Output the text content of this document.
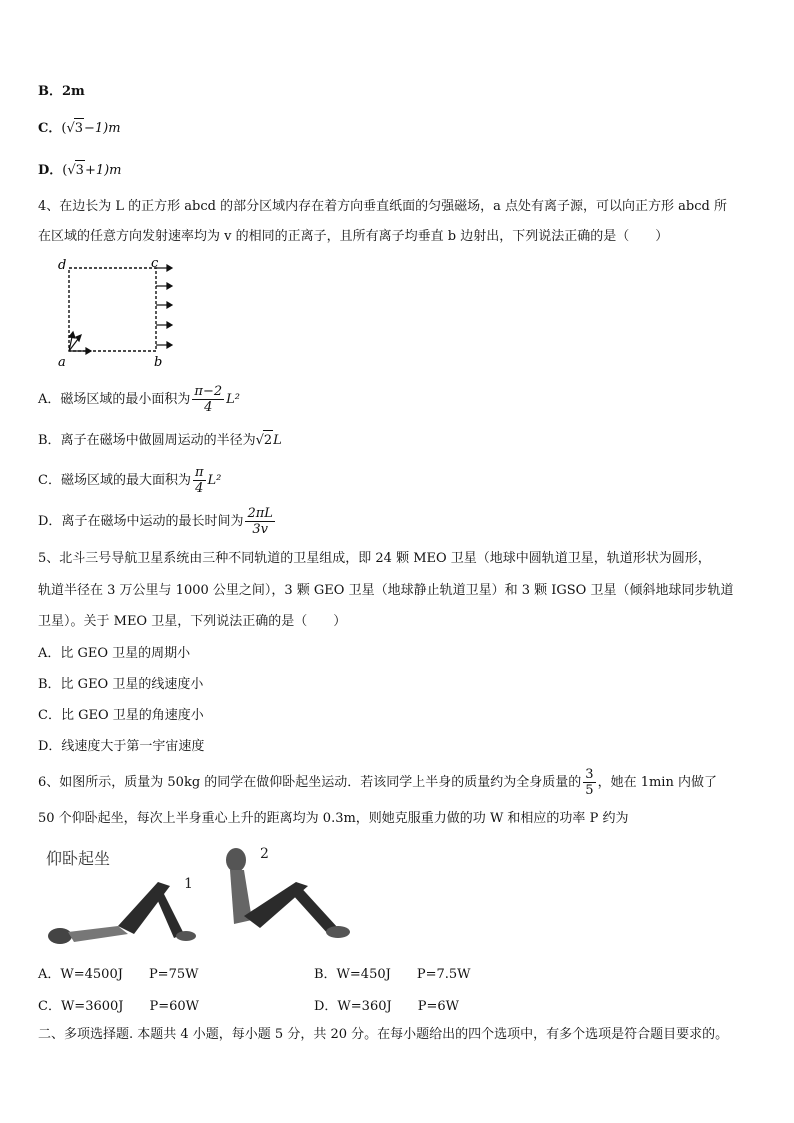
B．2m
C．(√3−1)m
D．(√3+1)m
4、在边长为 L 的正方形 abcd 的部分区域内存在着方向垂直纸面的匀强磁场，a 点处有离子源，可以向正方形 abcd 所
在区域的任意方向发射速率均为 v 的相同的正离子，且所有离子均垂直 b 边射出，下列说法正确的是（　　）
d	c
a	b
A．磁场区域的最小面积为 $\frac{\pi-2}{4} L^2$
B．离子在磁场中做圆周运动的半径为√2L
C．磁场区域的最大面积为 $\frac{\pi}{4} L^2$
D．离子在磁场中运动的最长时间为 $\frac{2\pi L}{3v}$
5、北斗三号导航卫星系统由三种不同轨道的卫星组成，即 24 颗 MEO 卫星（地球中圆轨道卫星，轨道形状为圆形，
轨道半径在 3 万公里与 1000 公里之间），3 颗 GEO 卫星（地球静止轨道卫星）和 3 颗 IGSO 卫星（倾斜地球同步轨道
卫星）。关于 MEO 卫星，下列说法正确的是（　　）
A．比 GEO 卫星的周期小
B．比 GEO 卫星的线速度小
C．比 GEO 卫星的角速度小
D．线速度大于第一宇宙速度
6、如图所示，质量为 50kg 的同学在做仰卧起坐运动．若该同学上半身的质量约为全身质量的 $\frac{3}{5}$ ，她在 1min 内做了
50 个仰卧起坐，每次上半身重心上升的距离均为 0.3m，则她克服重力做的功 W 和相应的功率 P 约为
仰卧起坐
1
2
A．W=4500J　　P=75W	B．W=450J　　P=7.5W
C．W=3600J　　P=60W	D．W=360J　　P=6W
二、多项选择题. 本题共 4 小题，每小题 5 分，共 20 分。在每小题给出的四个选项中，有多个选项是符合题目要求的。
